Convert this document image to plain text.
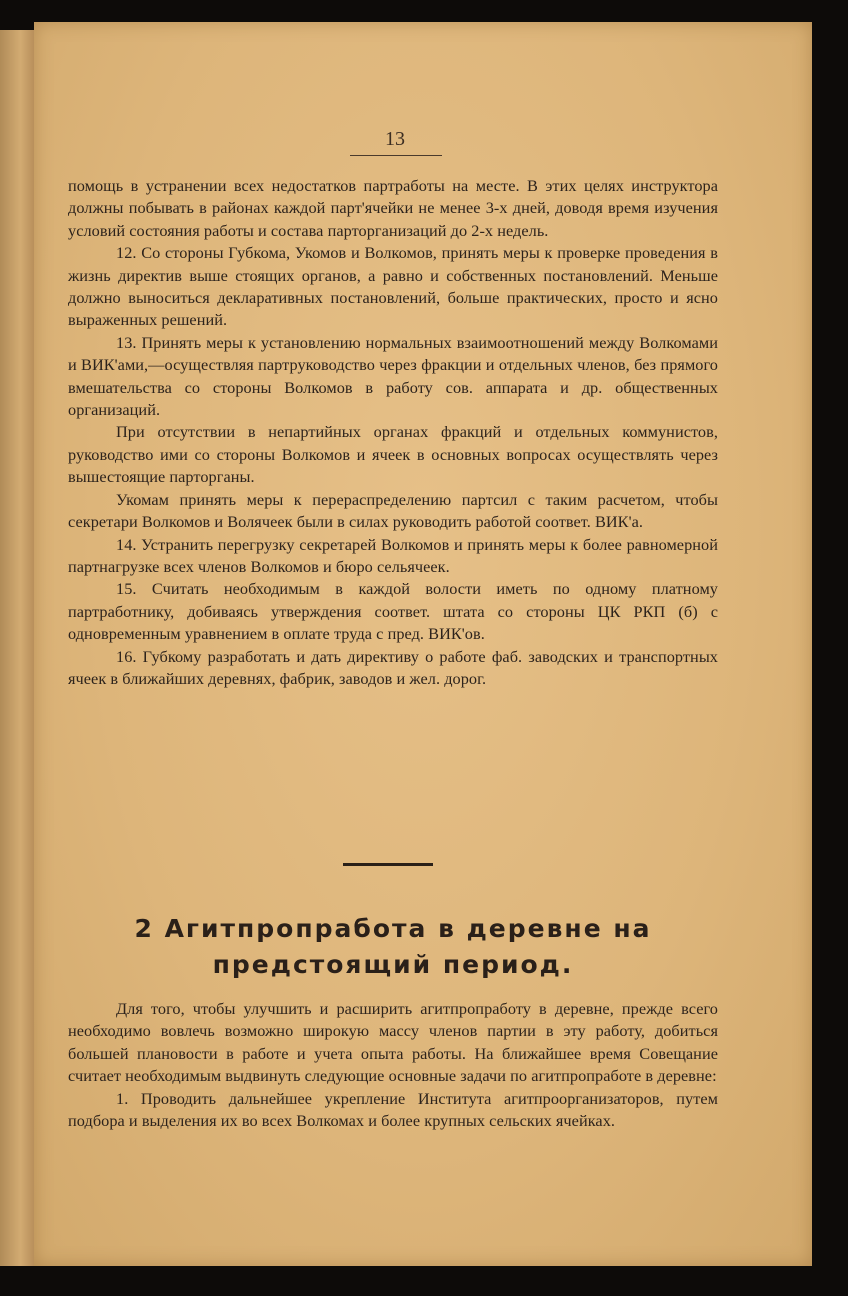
13

помощь в устранении всех недостатков партработы на месте. В этих целях инструктора должны побывать в районах каждой парт'ячейки не менее 3-х дней, доводя время изучения условий состояния работы и состава парторганизаций до 2-х недель.

12. Со стороны Губкома, Укомов и Волкомов, принять меры к проверке проведения в жизнь директив выше стоящих органов, а равно и собственных постановлений. Меньше должно выноситься декларативных постановлений, больше практических, просто и ясно выраженных решений.

13. Принять меры к установлению нормальных взаимоотношений между Волкомами и ВИК'ами,—осуществляя партруководство через фракции и отдельных членов, без прямого вмешательства со стороны Волкомов в работу сов. аппарата и др. общественных организаций.

При отсутствии в непартийных органах фракций и отдельных коммунистов, руководство ими со стороны Волкомов и ячеек в основных вопросах осуществлять через вышестоящие парторганы.

Укомам принять меры к перераспределению партсил с таким расчетом, чтобы секретари Волкомов и Волячеек были в силах руководить работой соответ. ВИК'а.

14. Устранить перегрузку секретарей Волкомов и принять меры к более равномерной партнагрузке всех членов Волкомов и бюро сельячеек.

15. Считать необходимым в каждой волости иметь по одному платному партработнику, добиваясь утверждения соответ. штата со стороны ЦК РКП (б) с одновременным уравнением в оплате труда с пред. ВИК'ов.

16. Губкому разработать и дать директиву о работе фаб. заводских и транспортных ячеек в ближайших деревнях, фабрик, заводов и жел. дорог.

2 Агитпропработа в деревне на
предстоящий период.

Для того, чтобы улучшить и расширить агитпропработу в деревне, прежде всего необходимо вовлечь возможно широкую массу членов партии в эту работу, добиться большей плановости в работе и учета опыта работы. На ближайшее время Совещание считает необходимым выдвинуть следующие основные задачи по агитпропработе в деревне:

1. Проводить дальнейшее укрепление Института агитпроорганизаторов, путем подбора и выделения их во всех Волкомах и более крупных сельских ячейках.
